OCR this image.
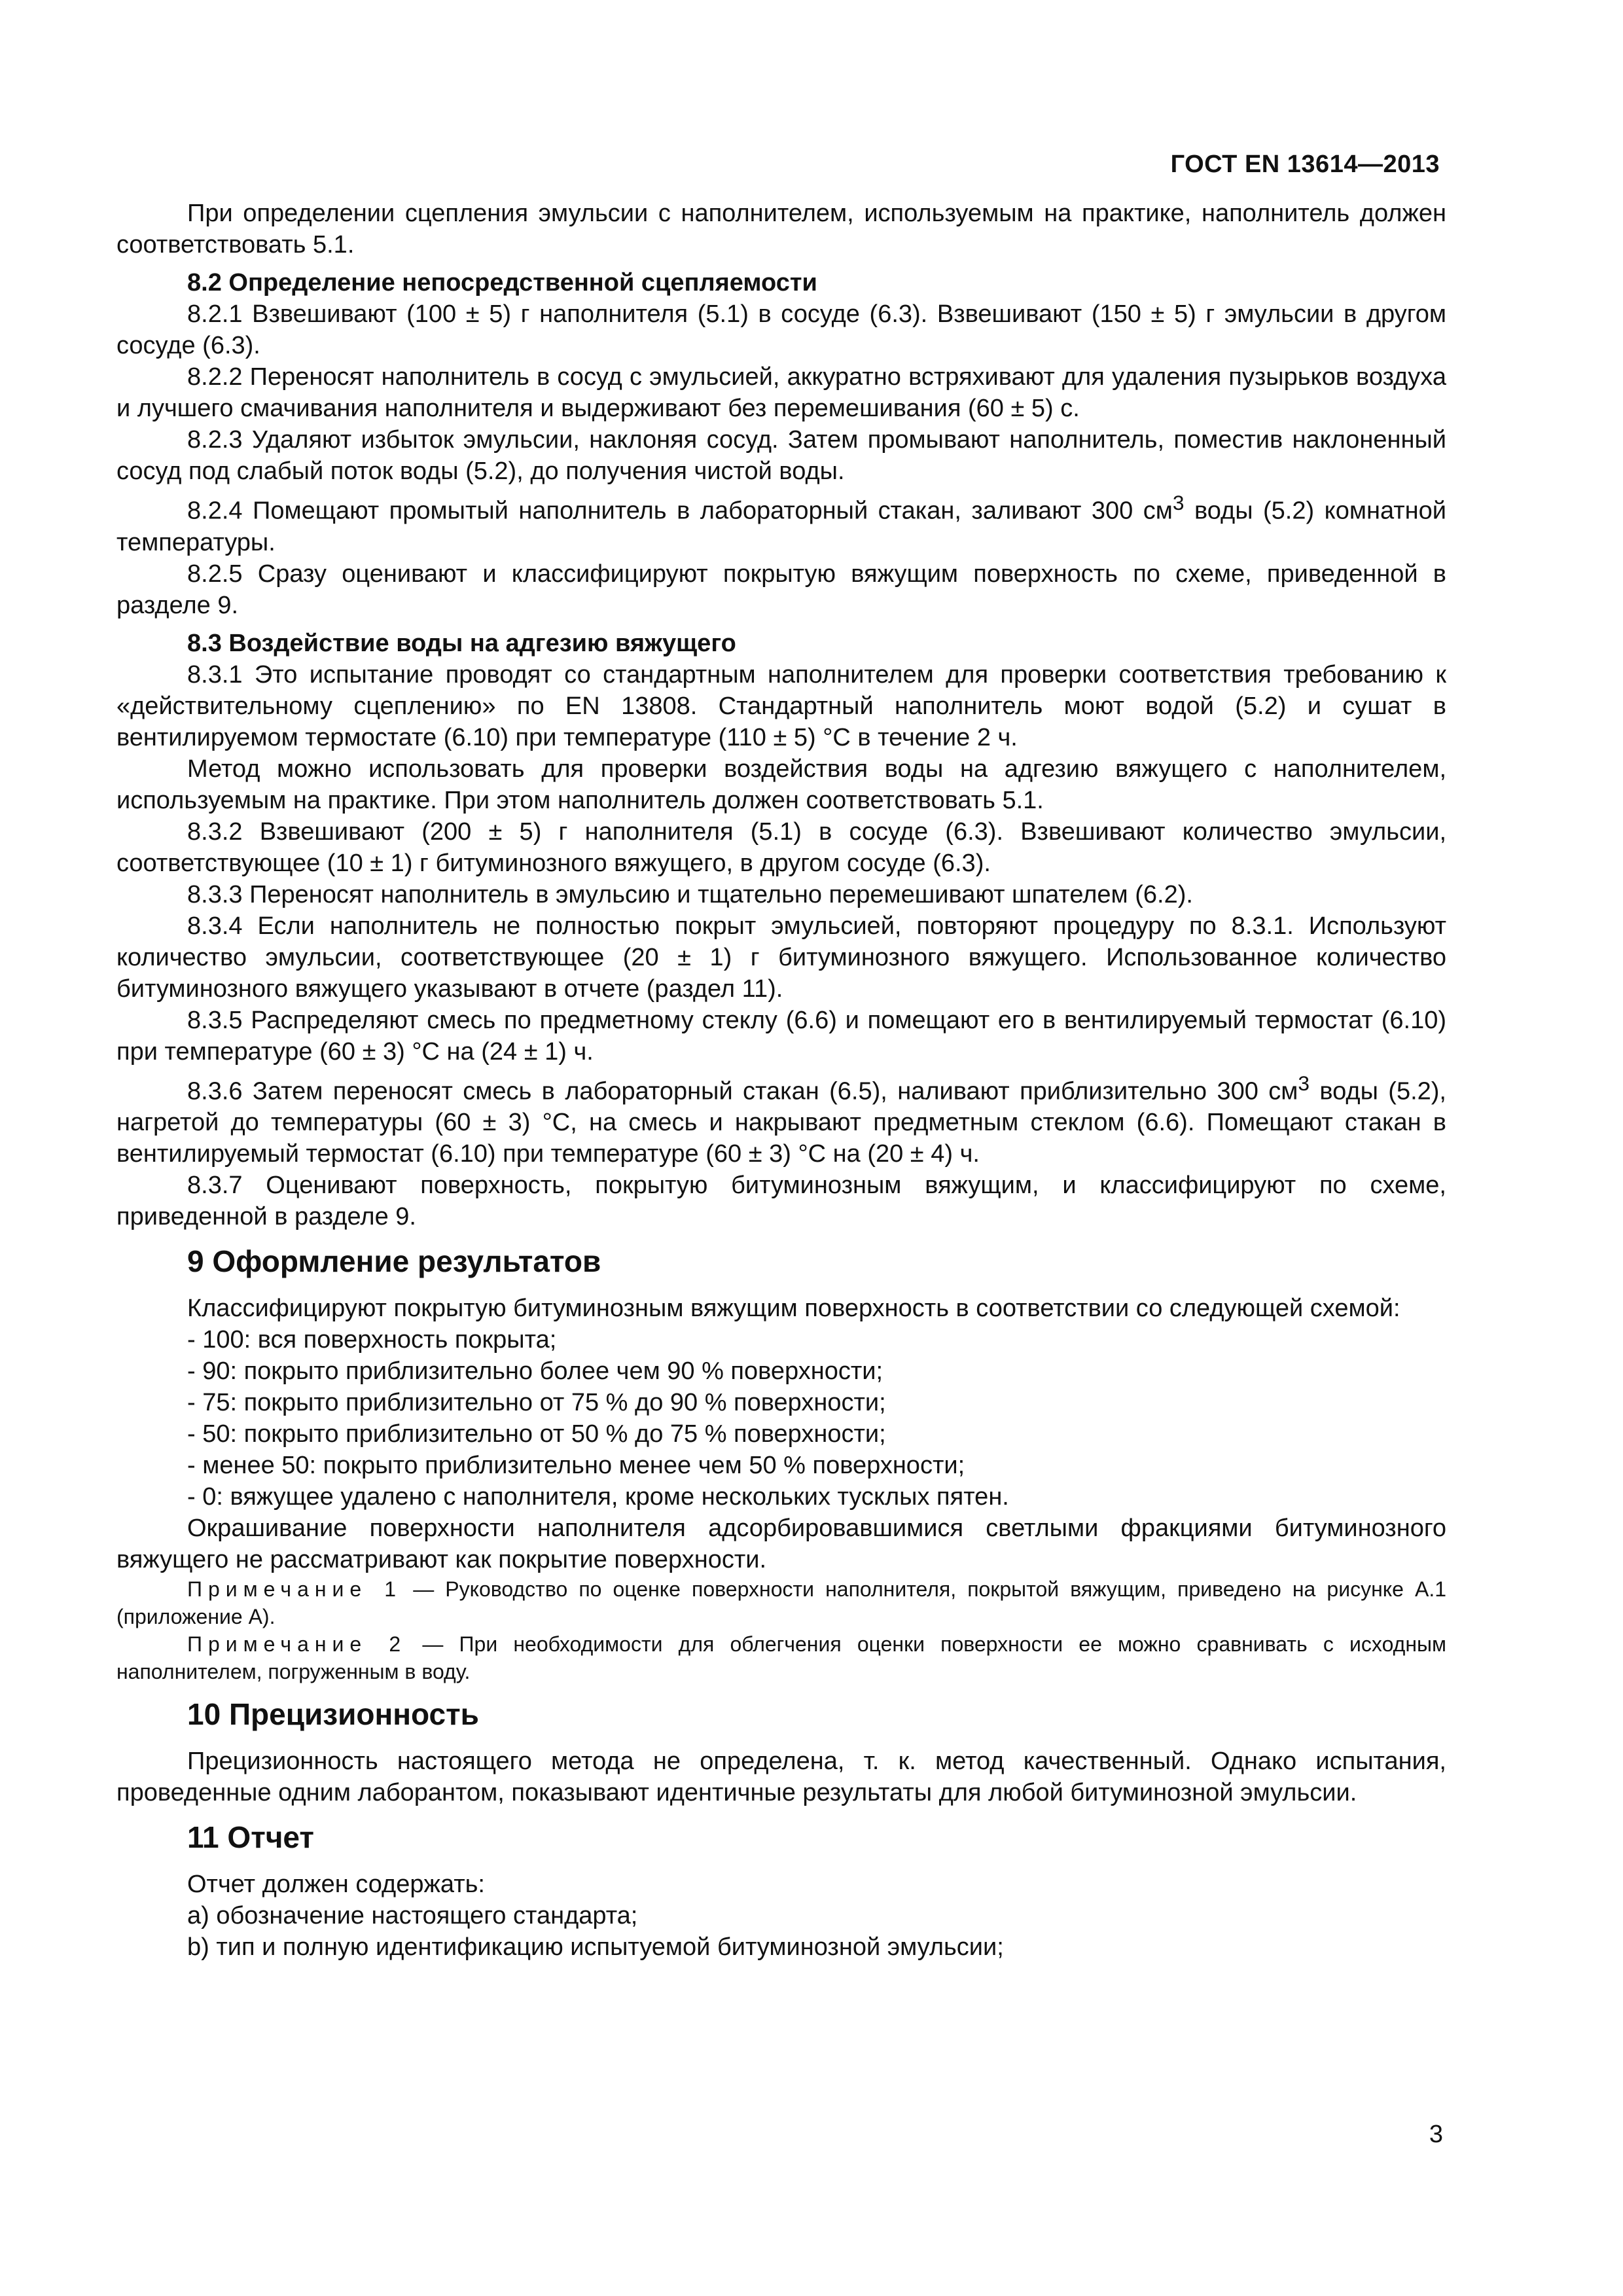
ГОСТ EN 13614—2013

При определении сцепления эмульсии с наполнителем, используемым на практике, наполнитель должен соответствовать 5.1.

8.2 Определение непосредственной сцепляемости

8.2.1 Взвешивают (100 ± 5) г наполнителя (5.1) в сосуде (6.3). Взвешивают (150 ± 5) г эмульсии в другом сосуде (6.3).

8.2.2 Переносят наполнитель в сосуд с эмульсией, аккуратно встряхивают для удаления пузырьков воздуха и лучшего смачивания наполнителя и выдерживают без перемешивания (60 ± 5) с.

8.2.3 Удаляют избыток эмульсии, наклоняя сосуд. Затем промывают наполнитель, поместив наклоненный сосуд под слабый поток воды (5.2), до получения чистой воды.

8.2.4 Помещают промытый наполнитель в лабораторный стакан, заливают 300 $см^3$ воды (5.2) комнатной температуры.

8.2.5 Сразу оценивают и классифицируют покрытую вяжущим поверхность по схеме, приведенной в разделе 9.

8.3 Воздействие воды на адгезию вяжущего

8.3.1 Это испытание проводят со стандартным наполнителем для проверки соответствия требованию к «действительному сцеплению» по EN 13808. Стандартный наполнитель моют водой (5.2) и сушат в вентилируемом термостате (6.10) при температуре (110 ± 5) °С в течение 2 ч.

Метод можно использовать для проверки воздействия воды на адгезию вяжущего с наполнителем, используемым на практике. При этом наполнитель должен соответствовать 5.1.

8.3.2 Взвешивают (200 ± 5) г наполнителя (5.1) в сосуде (6.3). Взвешивают количество эмульсии, соответствующее (10 ± 1) г битуминозного вяжущего, в другом сосуде (6.3).

8.3.3 Переносят наполнитель в эмульсию и тщательно перемешивают шпателем (6.2).

8.3.4 Если наполнитель не полностью покрыт эмульсией, повторяют процедуру по 8.3.1. Используют количество эмульсии, соответствующее (20 ± 1) г битуминозного вяжущего. Использованное количество битуминозного вяжущего указывают в отчете (раздел 11).

8.3.5 Распределяют смесь по предметному стеклу (6.6) и помещают его в вентилируемый термостат (6.10) при температуре (60 ± 3) °С на (24 ± 1) ч.

8.3.6 Затем переносят смесь в лабораторный стакан (6.5), наливают приблизительно 300 $см^3$ воды (5.2), нагретой до температуры (60 ± 3) °С, на смесь и накрывают предметным стеклом (6.6). Помещают стакан в вентилируемый термостат (6.10) при температуре (60 ± 3) °С на (20 ± 4) ч.

8.3.7 Оценивают поверхность, покрытую битуминозным вяжущим, и классифицируют по схеме, приведенной в разделе 9.

9 Оформление результатов

Классифицируют покрытую битуминозным вяжущим поверхность в соответствии со следующей схемой:

- 100: вся поверхность покрыта;

- 90: покрыто приблизительно более чем 90 % поверхности;

- 75: покрыто приблизительно от 75 % до 90 % поверхности;

- 50: покрыто приблизительно от 50 % до 75 % поверхности;

- менее 50: покрыто приблизительно менее чем 50 % поверхности;

- 0: вяжущее удалено с наполнителя, кроме нескольких тусклых пятен.

Окрашивание поверхности наполнителя адсорбировавшимися светлыми фракциями битуминозного вяжущего не рассматривают как покрытие поверхности.

Примечание 1 — Руководство по оценке поверхности наполнителя, покрытой вяжущим, приведено на рисунке А.1 (приложение А).

Примечание 2 — При необходимости для облегчения оценки поверхности ее можно сравнивать с исходным наполнителем, погруженным в воду.

10 Прецизионность

Прецизионность настоящего метода не определена, т. к. метод качественный. Однако испытания, проведенные одним лаборантом, показывают идентичные результаты для любой битуминозной эмульсии.

11 Отчет

Отчет должен содержать:

а) обозначение настоящего стандарта;

b) тип и полную идентификацию испытуемой битуминозной эмульсии;

3
